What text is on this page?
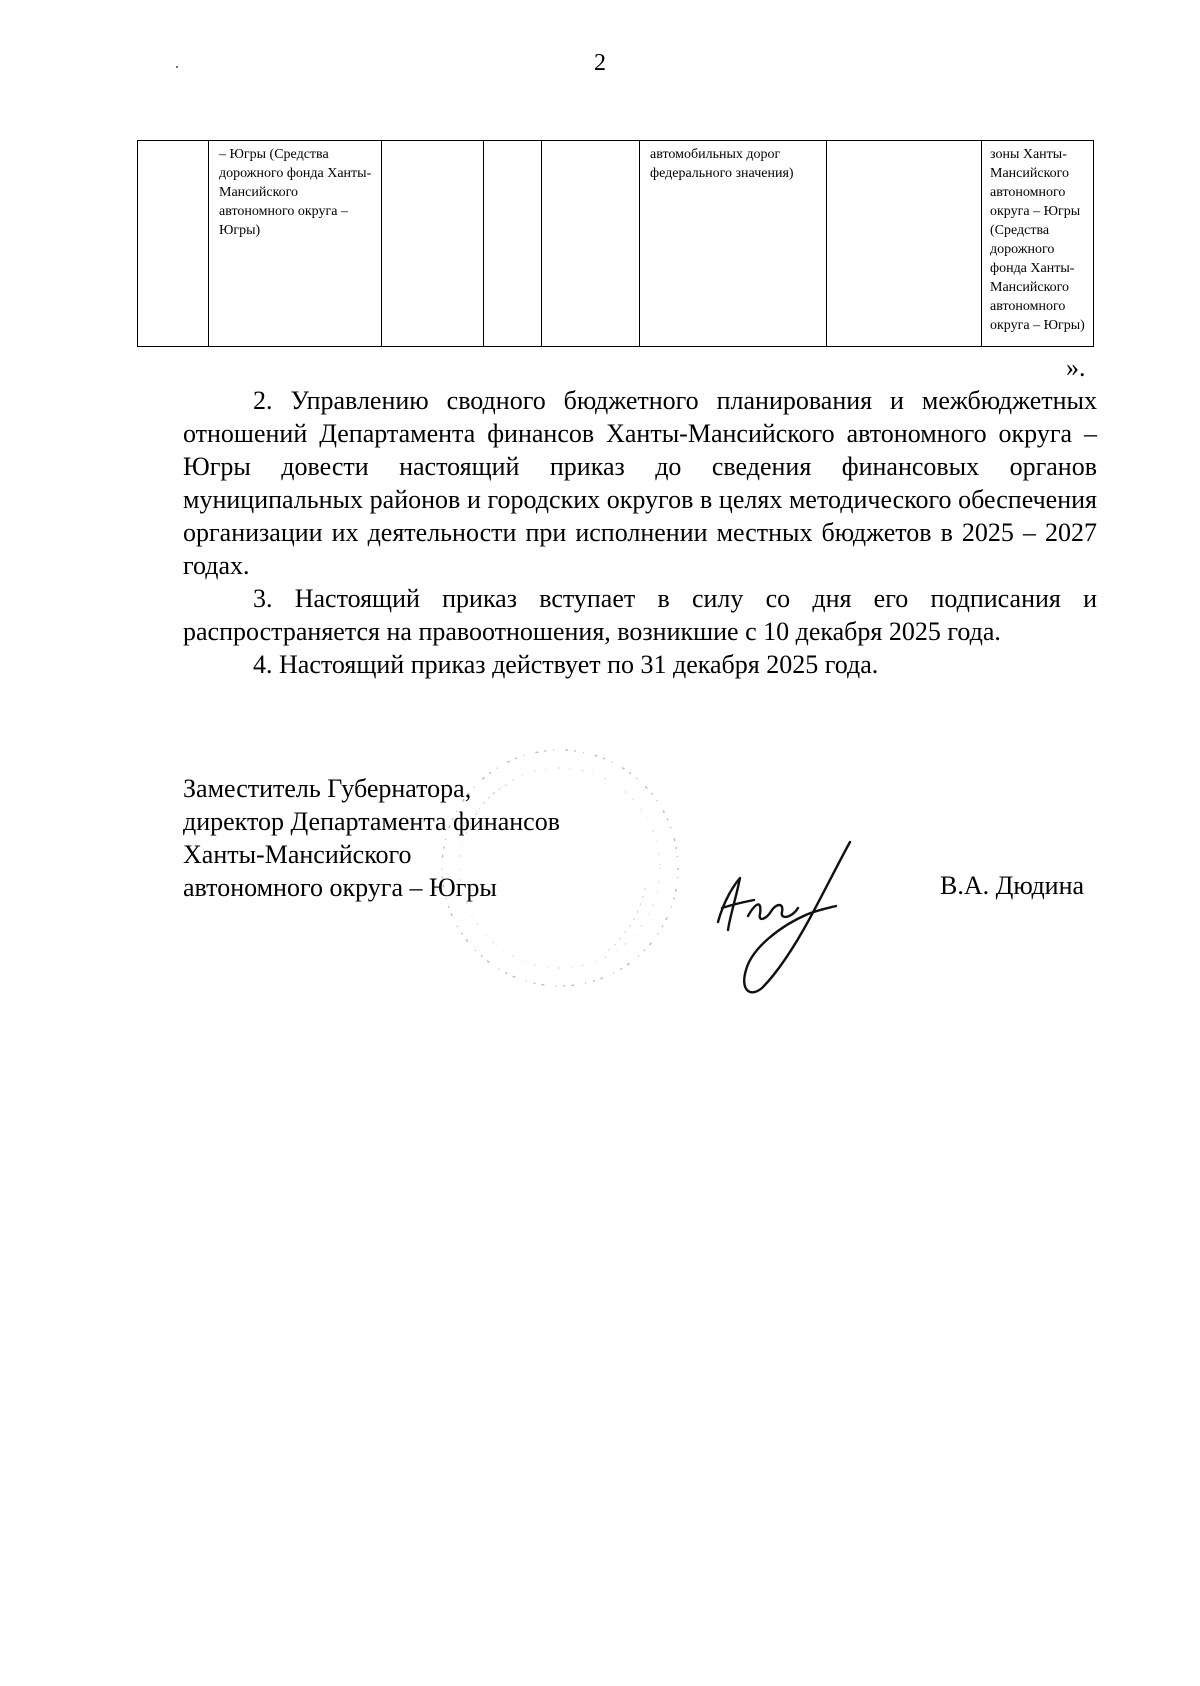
2
	– Югры (Средства дорожного фонда Ханты-Мансийского автономного округа – Югры)				автомобильных дорог федерального значения)		зоны Ханты-Мансийского автономного округа – Югры (Средства дорожного фонда Ханты-Мансийского автономного округа – Югры)
».

2. Управлению сводного бюджетного планирования и межбюджетных отношений Департамента финансов Ханты-Мансийского автономного округа – Югры довести настоящий приказ до сведения финансовых органов муниципальных районов и городских округов в целях методического обеспечения организации их деятельности при исполнении местных бюджетов в 2025 – 2027 годах.

3. Настоящий приказ вступает в силу со дня его подписания и распространяется на правоотношения, возникшие с 10 декабря 2025 года.

4. Настоящий приказ действует по 31 декабря 2025 года.

Заместитель Губернатора,
директор Департамента финансов
Ханты-Мансийского
автономного округа – Югры	В.А. Дюдина
